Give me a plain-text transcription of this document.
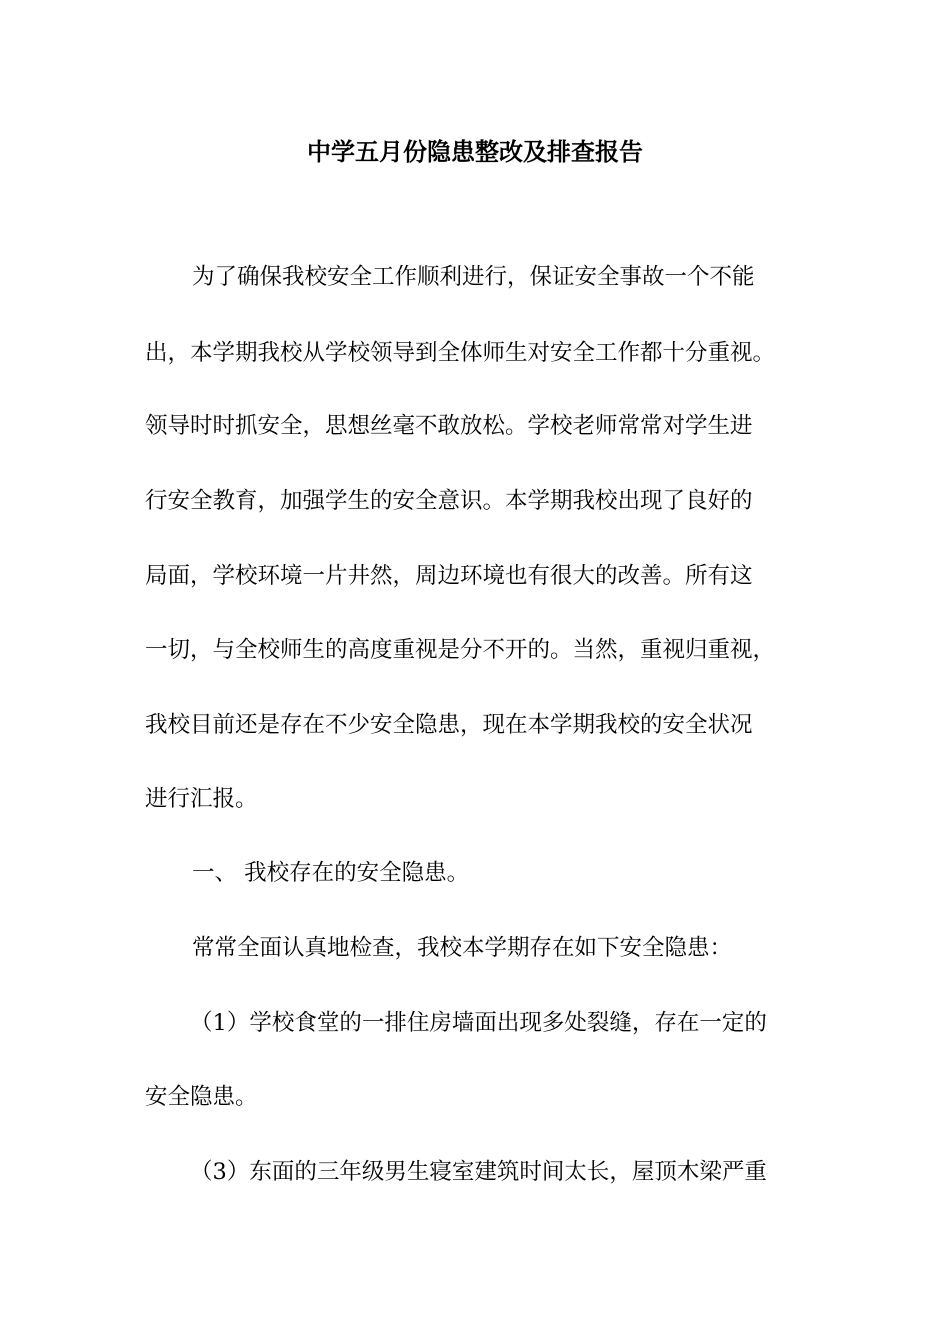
中学五月份隐患整改及排查报告
为了确保我校安全工作顺利进行，保证安全事故一个不能
出，本学期我校从学校领导到全体师生对安全工作都十分重视。
领导时时抓安全，思想丝毫不敢放松。学校老师常常对学生进
行安全教育，加强学生的安全意识。本学期我校出现了良好的
局面，学校环境一片井然，周边环境也有很大的改善。所有这
一切，与全校师生的高度重视是分不开的。当然，重视归重视，
我校目前还是存在不少安全隐患，现在本学期我校的安全状况
进行汇报。
一、 我校存在的安全隐患。
常常全面认真地检查，我校本学期存在如下安全隐患：
（1）学校食堂的一排住房墙面出现多处裂缝，存在一定的
安全隐患。
（3）东面的三年级男生寝室建筑时间太长，屋顶木梁严重
